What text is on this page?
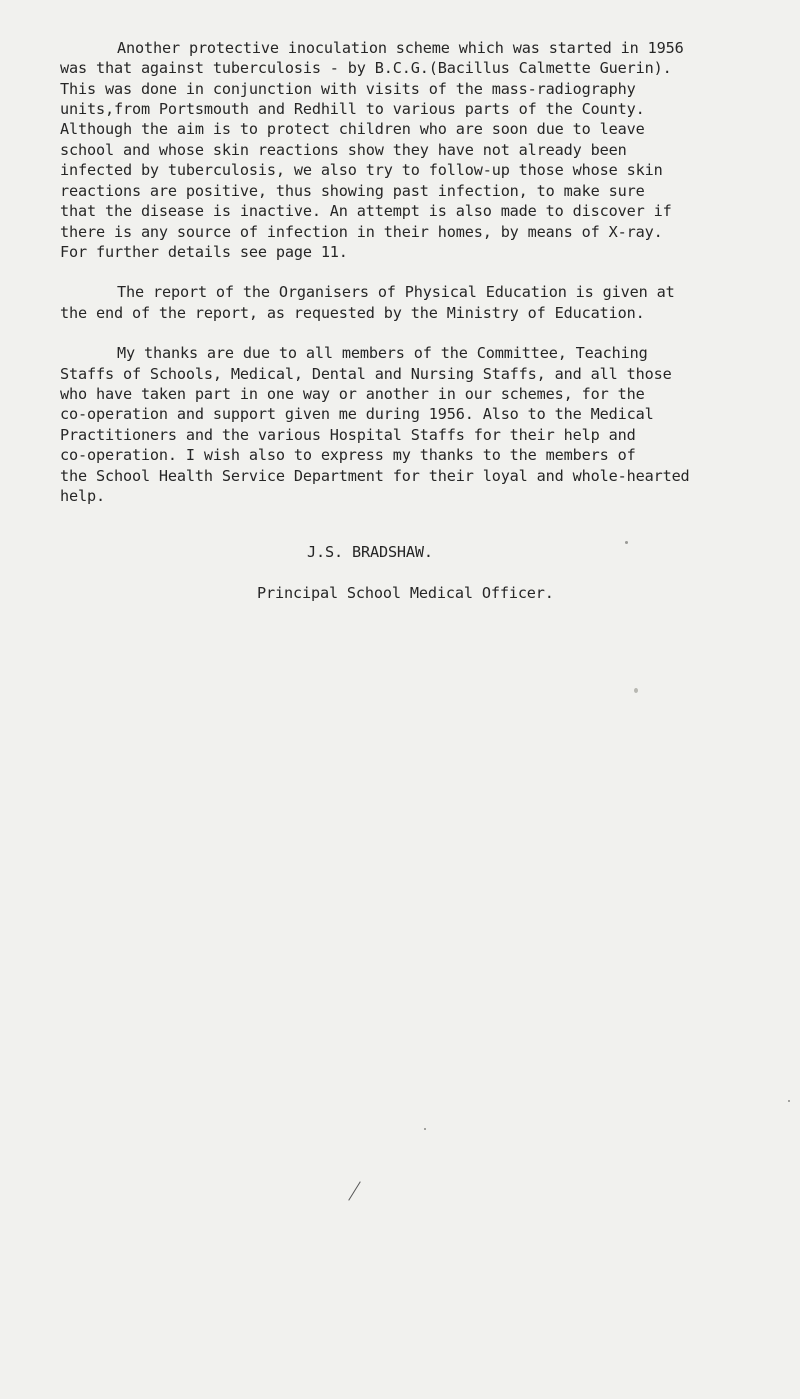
Another protective inoculation scheme which was started in 1956
was that against tuberculosis - by B.C.G.(Bacillus Calmette Guerin).
This was done in conjunction with visits of the mass-radiography
units,from Portsmouth and Redhill to various parts of the County.
Although the aim is to protect children who are soon due to leave
school and whose skin reactions show they have not already been
infected by tuberculosis, we also try to follow-up those whose skin
reactions are positive, thus showing past infection, to make sure
that the disease is inactive. An attempt is also made to discover if
there is any source of infection in their homes, by means of X-ray.
For further details see page 11.
The report of the Organisers of Physical Education is given at
the end of the report, as requested by the Ministry of Education.
My thanks are due to all members of the Committee, Teaching
Staffs of Schools, Medical, Dental and Nursing Staffs, and all those
who have taken part in one way or another in our schemes, for the
co-operation and support given me during 1956. Also to the Medical
Practitioners and the various Hospital Staffs for their help and
co-operation. I wish also to express my thanks to the members of
the School Health Service Department for their loyal and whole-hearted
help.
J.S. BRADSHAW.
Principal School Medical Officer.
